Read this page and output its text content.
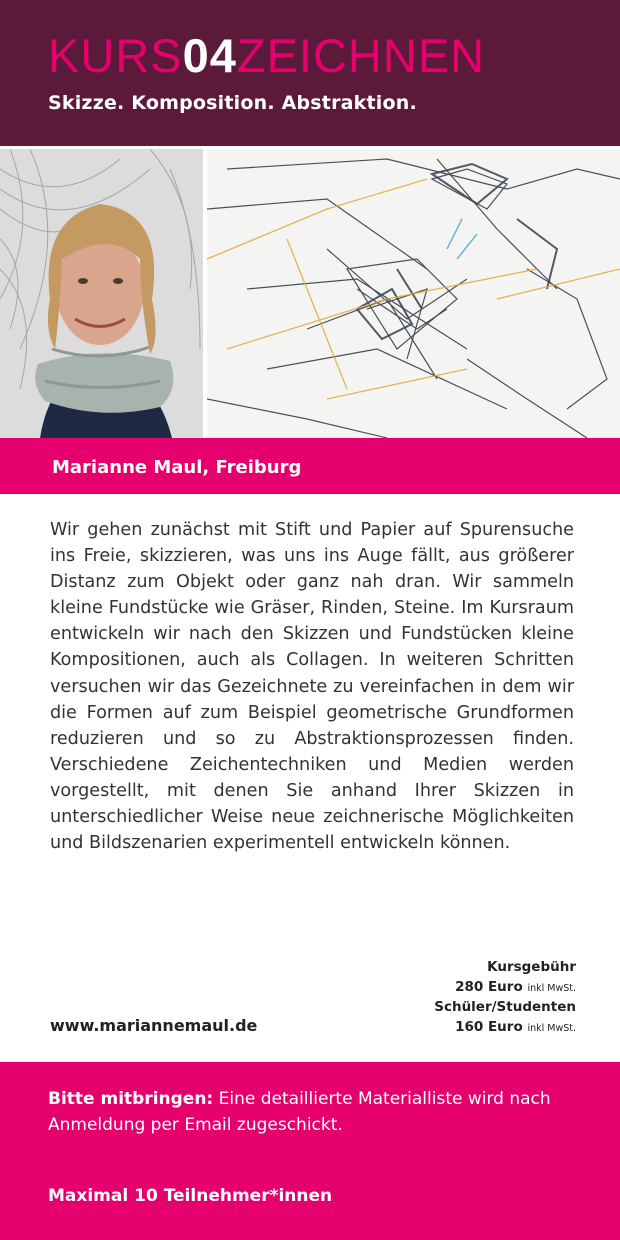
KURS04ZEICHNEN
Skizze. Komposition. Abstraktion.
Marianne Maul, Freiburg
Wir gehen zunächst mit Stift und Papier auf Spurensuche ins Freie, skizzieren, was uns ins Auge fällt, aus größerer Distanz zum Objekt oder ganz nah dran. Wir sammeln kleine Fundstücke wie Gräser, Rinden, Steine. Im Kursraum entwickeln wir nach den Skizzen und Fundstücken kleine Kompositionen, auch als Collagen. In weiteren Schritten versuchen wir das Gezeichnete zu vereinfachen in dem wir die Formen auf zum Beispiel geometrische Grundformen reduzieren und so zu Abstraktionsprozessen finden. Verschiedene Zeichentechniken und Medien werden vorgestellt, mit denen Sie anhand Ihrer Skizzen in unterschiedlicher Weise neue zeichnerische Möglichkeiten und Bildszenarien experimentell entwickeln können.
Kursgebühr
280 Euro inkl MwSt.
Schüler/Studenten
160 Euro inkl MwSt.
www.mariannemaul.de
Bitte mitbringen: Eine detaillierte Materialliste wird nach Anmeldung per Email zugeschickt.
Maximal 10 Teilnehmer*innen
